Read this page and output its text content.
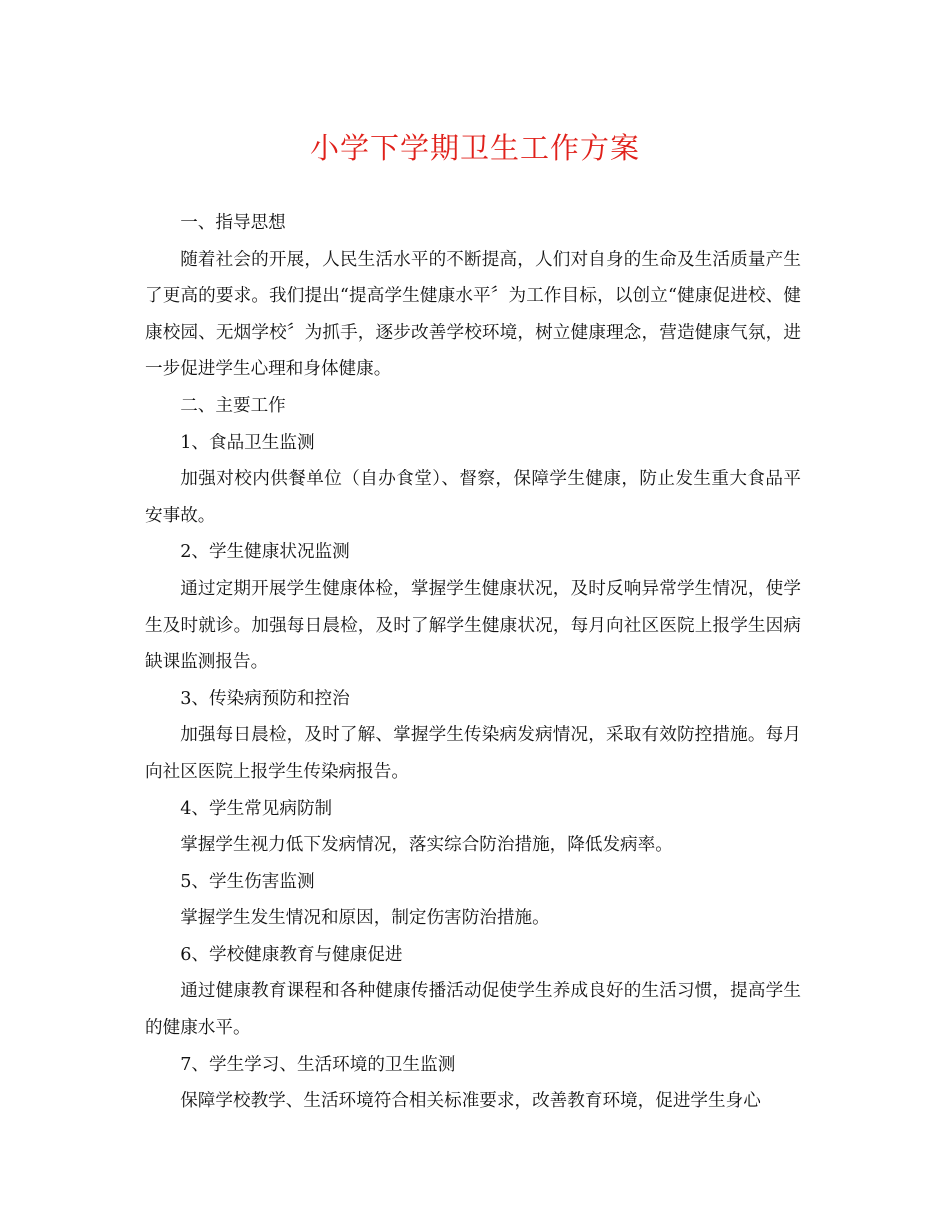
小学下学期卫生工作方案

一、指导思想

随着社会的开展，人民生活水平的不断提高，人们对自身的生命及生活质量产生了更高的要求。我们提出“提高学生健康水平〞为工作目标，以创立“健康促进校、健康校园、无烟学校〞为抓手，逐步改善学校环境，树立健康理念，营造健康气氛，进一步促进学生心理和身体健康。

二、主要工作

1、食品卫生监测

加强对校内供餐单位（自办食堂）、督察，保障学生健康，防止发生重大食品平安事故。

2、学生健康状况监测

通过定期开展学生健康体检，掌握学生健康状况，及时反响异常学生情况，使学生及时就诊。加强每日晨检，及时了解学生健康状况，每月向社区医院上报学生因病缺课监测报告。

3、传染病预防和控治

加强每日晨检，及时了解、掌握学生传染病发病情况，采取有效防控措施。每月向社区医院上报学生传染病报告。

4、学生常见病防制

掌握学生视力低下发病情况，落实综合防治措施，降低发病率。

5、学生伤害监测

掌握学生发生情况和原因，制定伤害防治措施。

6、学校健康教育与健康促进

通过健康教育课程和各种健康传播活动促使学生养成良好的生活习惯，提高学生的健康水平。

7、学生学习、生活环境的卫生监测

保障学校教学、生活环境符合相关标准要求，改善教育环境，促进学生身心
